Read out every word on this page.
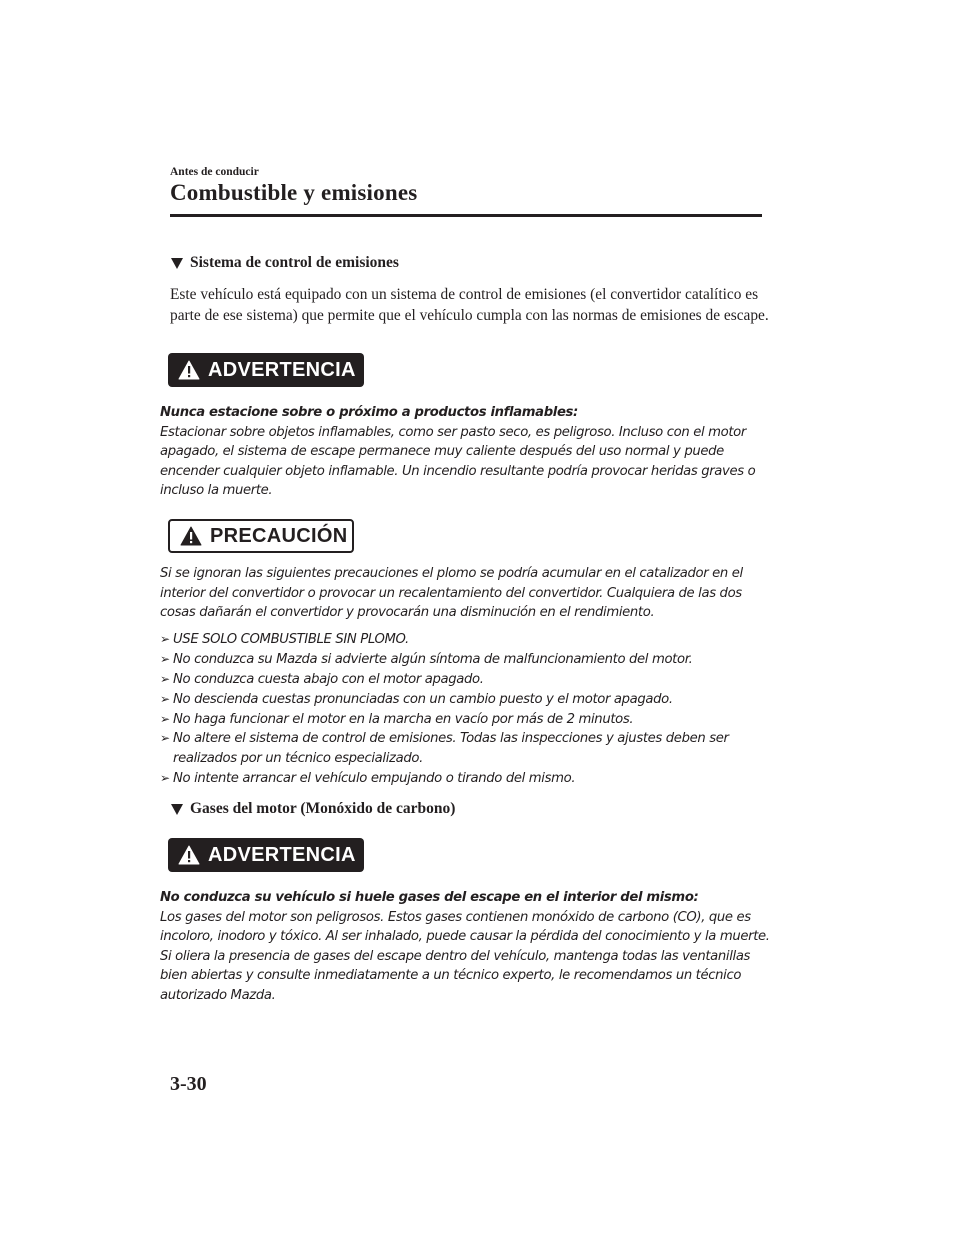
Antes de conducir
Combustible y emisiones
Sistema de control de emisiones
Este vehículo está equipado con un sistema de control de emisiones (el convertidor catalítico es parte de ese sistema) que permite que el vehículo cumpla con las normas de emisiones de escape.
ADVERTENCIA
Nunca estacione sobre o próximo a productos inflamables:
Estacionar sobre objetos inflamables, como ser pasto seco, es peligroso. Incluso con el motor apagado, el sistema de escape permanece muy caliente después del uso normal y puede encender cualquier objeto inflamable. Un incendio resultante podría provocar heridas graves o incluso la muerte.
PRECAUCIÓN
Si se ignoran las siguientes precauciones el plomo se podría acumular en el catalizador en el interior del convertidor o provocar un recalentamiento del convertidor. Cualquiera de las dos cosas dañarán el convertidor y provocarán una disminución en el rendimiento.
➢ USE SOLO COMBUSTIBLE SIN PLOMO.
➢ No conduzca su Mazda si advierte algún síntoma de malfuncionamiento del motor.
➢ No conduzca cuesta abajo con el motor apagado.
➢ No descienda cuestas pronunciadas con un cambio puesto y el motor apagado.
➢ No haga funcionar el motor en la marcha en vacío por más de 2 minutos.
➢ No altere el sistema de control de emisiones. Todas las inspecciones y ajustes deben ser realizados por un técnico especializado.
➢ No intente arrancar el vehículo empujando o tirando del mismo.
Gases del motor (Monóxido de carbono)
ADVERTENCIA
No conduzca su vehículo si huele gases del escape en el interior del mismo:
Los gases del motor son peligrosos. Estos gases contienen monóxido de carbono (CO), que es incoloro, inodoro y tóxico. Al ser inhalado, puede causar la pérdida del conocimiento y la muerte. Si oliera la presencia de gases del escape dentro del vehículo, mantenga todas las ventanillas bien abiertas y consulte inmediatamente a un técnico experto, le recomendamos un técnico autorizado Mazda.
3-30
